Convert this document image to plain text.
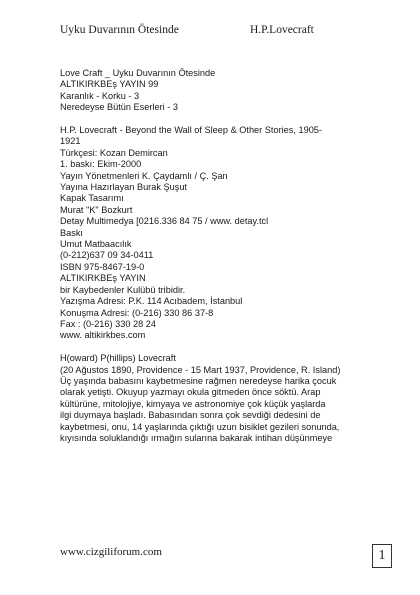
Uyku Duvarının Ötesinde	H.P.Lovecraft
Love Craft _ Uyku Duvarının Ötesinde
ALTIKIRKBEş YAYIN 99
Karanlık - Korku - 3
Neredeyse Bütün Eserleri - 3
H.P. Lovecraft - Beyond the Wall of Sleep & Other Stories, 1905-
1921
Türkçesi: Kozan Demircan
1. baskı: Ekim-2000
Yayın Yönetmenleri K. Çaydamlı / Ç. Şan
Yayına Hazırlayan Burak Şuşut
Kapak Tasarımı
Murat "K" Bozkurt
Detay Multimedya [0216.336 84 75 / www. detay.tcl
Baskı
Umut Matbaacılık
(0-212)637 09 34-0411
ISBN 975-8467-19-0
ALTIKIRKBEş YAYIN
bir Kaybedenler Kulübü tribidir.
Yazışma Adresi: P.K. 114 Acıbadem, İstanbul
Konuşma Adresi: (0-216) 330 86 37-8
Fax : (0-216) 330 28 24
www. altikirkbes.com
H(oward) P(hillips) Lovecraft
(20 Ağustos 1890, Providence - 15 Mart 1937, Providence, R. Island)
Üç yaşında babasını kaybetmesine rağmen neredeyse harika çocuk
olarak yetişti. Okuyup yazmayı okula gitmeden önce söktü. Arap
kültürüne, mitolojiye, kimyaya ve astronomiye çok küçük yaşlarda
ilgi duymaya başladı. Babasından sonra çok sevdiği dedesini de
kaybetmesi, onu, 14 yaşlarında çıktığı uzun bisiklet gezileri sonunda,
kıyısında soluklandığı ırmağın sularına bakarak intihan düşünmeye
www.cizgiliforum.com	1
